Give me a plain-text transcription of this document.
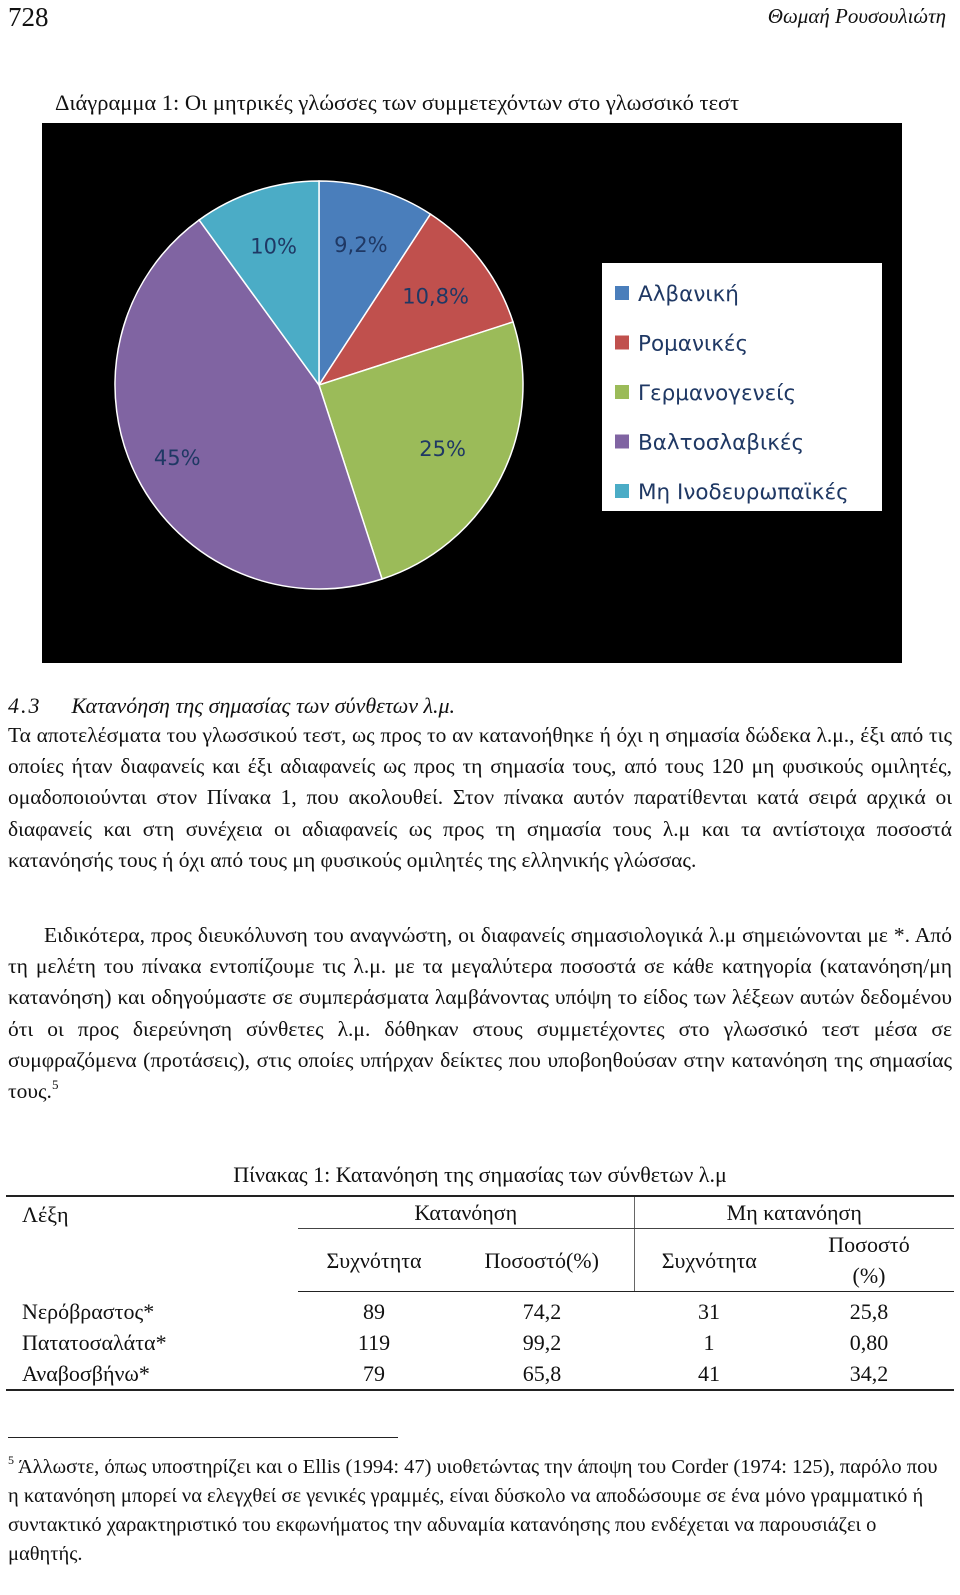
728	Θωμαή Ρουσουλιώτη
Διάγραμμα 1: Οι μητρικές γλώσσες των συμμετεχόντων στο γλωσσικό τεστ
9,2%
10,8%
25%
45%
10%
Αλβανική
Ρομανικές
Γερμανογενείς
Βαλτοσλαβικές
Μη Ινοδευρωπαϊκές
4.3 Κατανόηση της σημασίας των σύνθετων λ.μ.

Τα αποτελέσματα του γλωσσικού τεστ, ως προς το αν κατανοήθηκε ή όχι η σημασία δώδεκα λ.μ., έξι από τις οποίες ήταν διαφανείς και έξι αδιαφανείς ως προς τη σημασία τους, από τους 120 μη φυσικούς ομιλητές, ομαδοποιούνται στον Πίνακα 1, που ακολουθεί. Στον πίνακα αυτόν παρατίθενται κατά σειρά αρχικά οι διαφανείς και στη συνέχεια οι αδιαφανείς ως προς τη σημασία τους λ.μ και τα αντίστοιχα ποσοστά κατανόησής τους ή όχι από τους μη φυσικούς ομιλητές της ελληνικής γλώσσας.

Ειδικότερα, προς διευκόλυνση του αναγνώστη, οι διαφανείς σημασιολογικά λ.μ σημειώνονται με *. Από τη μελέτη του πίνακα εντοπίζουμε τις λ.μ. με τα μεγαλύτερα ποσοστά σε κάθε κατηγορία (κατανόηση/μη κατανόηση) και οδηγούμαστε σε συμπεράσματα λαμβάνοντας υπόψη το είδος των λέξεων αυτών δεδομένου ότι οι προς διερεύνηση σύνθετες λ.μ. δόθηκαν στους συμμετέχοντες στο γλωσσικό τεστ μέσα σε συμφραζόμενα (προτάσεις), στις οποίες υπήρχαν δείκτες που υποβοηθούσαν στην κατανόηση της σημασίας τους.$^5$

Πίνακας 1: Κατανόηση της σημασίας των σύνθετων λ.μ
Λέξη	Κατανόηση		Μη κατανόηση	
	Συχνότητα	Ποσοστό(%)	Συχνότητα	Ποσοστό
(%)
Νερόβραστος*	89	74,2	31	25,8
Πατατοσαλάτα*	119	99,2	1	0,80
Αναβοσβήνω*	79	65,8	41	34,2

$^5$ Άλλωστε, όπως υποστηρίζει και ο Ellis (1994: 47) υιοθετώντας την άποψη του Corder (1974: 125), παρόλο που η κατανόηση μπορεί να ελεγχθεί σε γενικές γραμμές, είναι δύσκολο να αποδώσουμε σε ένα μόνο γραμματικό ή συντακτικό χαρακτηριστικό του εκφωνήματος την αδυναμία κατανόησης που ενδέχεται να παρουσιάζει ο μαθητής.
